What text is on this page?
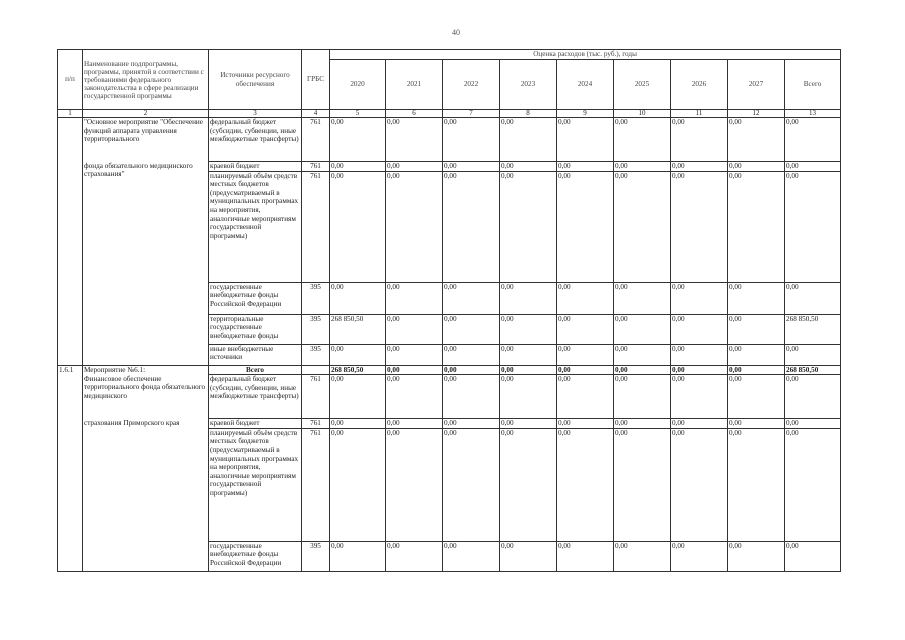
40
п/п	Наименование подпрограммы, программы, принятой в соответствии с требованиями федерального законодательства в сфере реализации государственной программы	Источники ресурсного обеспечения	ГРБС	Оценка расходов (тыс. руб.), годы								
				2020	2021	2022	2023	2024	2025	2026	2027	Всего
1	2	3	4	5	6	7	8	9	10	11	12	13
	"Основное мероприятие "Обеспечение функций аппарата управления территориального	федеральный бюджет (субсидии, субвенции, иные межбюджетные трансферты)	761	0,00	0,00	0,00	0,00	0,00	0,00	0,00	0,00	0,00
	фонда обязательного медицинского страхования"	краевой бюджет	761	0,00	0,00	0,00	0,00	0,00	0,00	0,00	0,00	0,00
		планируемый объём средств местных бюджетов (предусматриваемый в муниципальных программах на мероприятия, аналогичные мероприятиям государственной программы)	761	0,00	0,00	0,00	0,00	0,00	0,00	0,00	0,00	0,00
		государственные внебюджетные фонды Российской Федерации	395	0,00	0,00	0,00	0,00	0,00	0,00	0,00	0,00	0,00
		территориальные государственные внебюджетные фонды	395	268 850,50	0,00	0,00	0,00	0,00	0,00	0,00	0,00	268 850,50
		иные внебюджетные источники	395	0,00	0,00	0,00	0,00	0,00	0,00	0,00	0,00	0,00
1.6.1	Мероприятие №6.1:	Всего		268 850,50	0,00	0,00	0,00	0,00	0,00	0,00	0,00	268 850,50
	Финансовое обеспечение территориального фонда обязательного медицинского	федеральный бюджет (субсидии, субвенции, иные межбюджетные трансферты)	761	0,00	0,00	0,00	0,00	0,00	0,00	0,00	0,00	0,00
	страхования Приморского края	краевой бюджет	761	0,00	0,00	0,00	0,00	0,00	0,00	0,00	0,00	0,00
		планируемый объём средств местных бюджетов (предусматриваемый в муниципальных программах на мероприятия, аналогичные мероприятиям государственной программы)	761	0,00	0,00	0,00	0,00	0,00	0,00	0,00	0,00	0,00
		государственные внебюджетные фонды Российской Федерации	395	0,00	0,00	0,00	0,00	0,00	0,00	0,00	0,00	0,00
